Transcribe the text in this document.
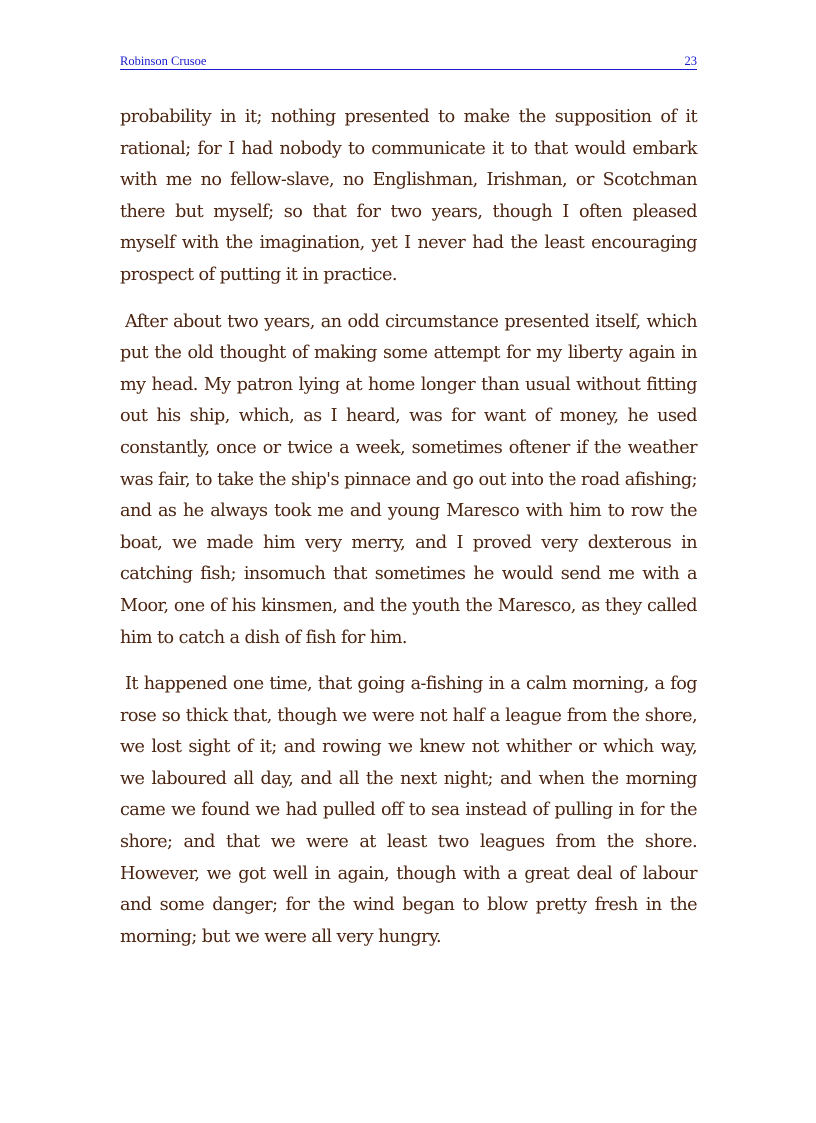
Robinson Crusoe	23

probability in it; nothing presented to make the supposition of it rational; for I had nobody to communicate it to that would embark with me no fellow-slave, no Englishman, Irishman, or Scotchman there but myself; so that for two years, though I often pleased myself with the imagination, yet I never had the least encouraging prospect of putting it in practice.

After about two years, an odd circumstance presented itself, which put the old thought of making some attempt for my liberty again in my head. My patron lying at home longer than usual without fitting out his ship, which, as I heard, was for want of money, he used constantly, once or twice a week, sometimes oftener if the weather was fair, to take the ship's pinnace and go out into the road afishing; and as he always took me and young Maresco with him to row the boat, we made him very merry, and I proved very dexterous in catching fish; insomuch that sometimes he would send me with a Moor, one of his kinsmen, and the youth the Maresco, as they called him to catch a dish of fish for him.

It happened one time, that going a-fishing in a calm morning, a fog rose so thick that, though we were not half a league from the shore, we lost sight of it; and rowing we knew not whither or which way, we laboured all day, and all the next night; and when the morning came we found we had pulled off to sea instead of pulling in for the shore; and that we were at least two leagues from the shore. However, we got well in again, though with a great deal of labour and some danger; for the wind began to blow pretty fresh in the morning; but we were all very hungry.
